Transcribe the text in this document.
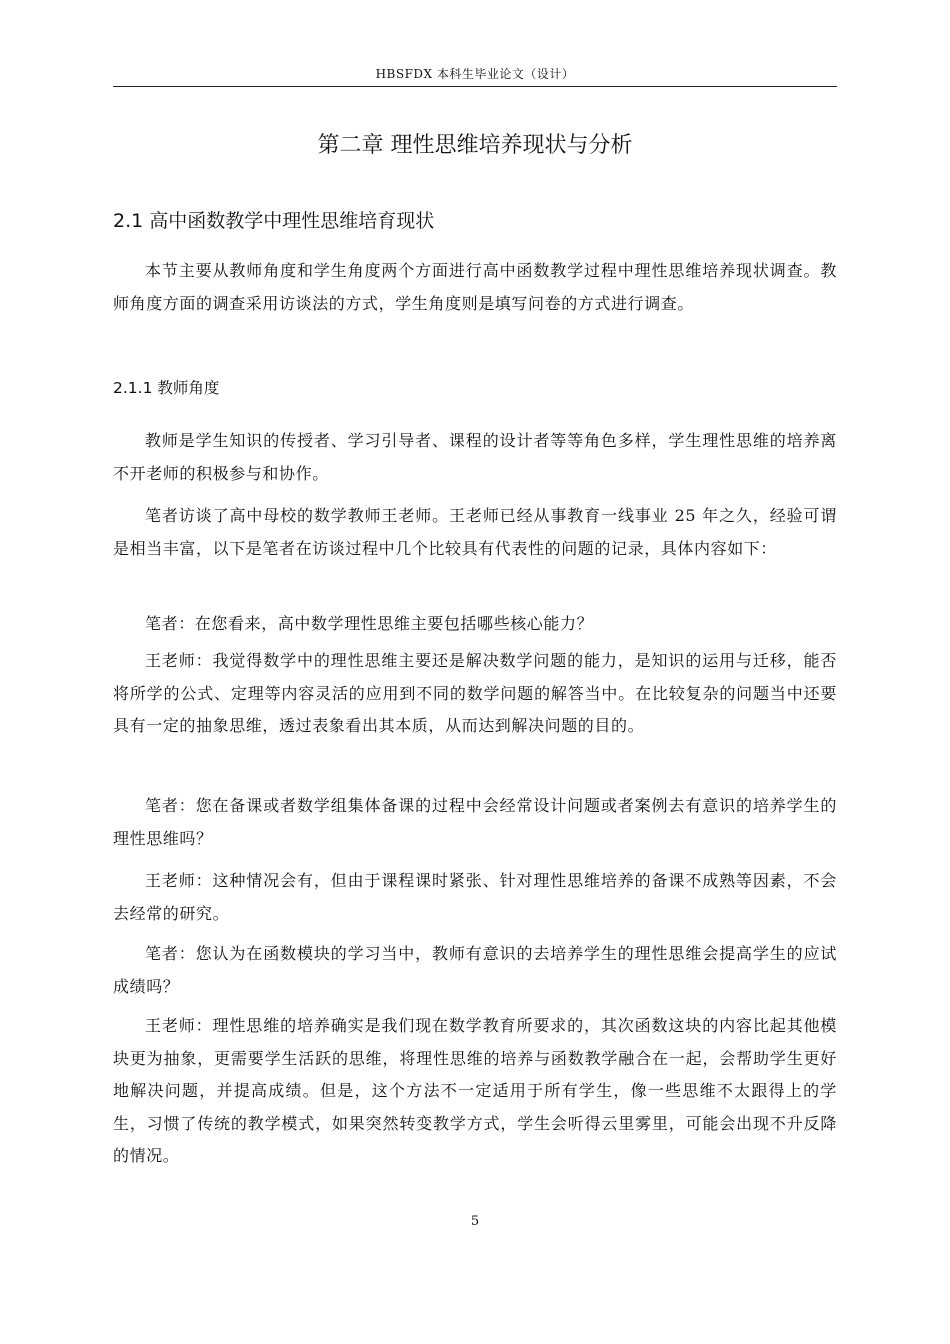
HBSFDX 本科生毕业论文（设计）
第二章 理性思维培养现状与分析
2.1 高中函数教学中理性思维培育现状

本节主要从教师角度和学生角度两个方面进行高中函数教学过程中理性思维培养现状调查。教师角度方面的调查采用访谈法的方式，学生角度则是填写问卷的方式进行调查。

2.1.1 教师角度

教师是学生知识的传授者、学习引导者、课程的设计者等等角色多样，学生理性思维的培养离不开老师的积极参与和协作。

笔者访谈了高中母校的数学教师王老师。王老师已经从事教育一线事业 25 年之久，经验可谓是相当丰富，以下是笔者在访谈过程中几个比较具有代表性的问题的记录，具体内容如下：

笔者：在您看来，高中数学理性思维主要包括哪些核心能力？

王老师：我觉得数学中的理性思维主要还是解决数学问题的能力，是知识的运用与迁移，能否将所学的公式、定理等内容灵活的应用到不同的数学问题的解答当中。在比较复杂的问题当中还要具有一定的抽象思维，透过表象看出其本质，从而达到解决问题的目的。

笔者：您在备课或者数学组集体备课的过程中会经常设计问题或者案例去有意识的培养学生的理性思维吗？

王老师：这种情况会有，但由于课程课时紧张、针对理性思维培养的备课不成熟等因素，不会去经常的研究。

笔者：您认为在函数模块的学习当中，教师有意识的去培养学生的理性思维会提高学生的应试成绩吗？

王老师：理性思维的培养确实是我们现在数学教育所要求的，其次函数这块的内容比起其他模块更为抽象，更需要学生活跃的思维，将理性思维的培养与函数教学融合在一起，会帮助学生更好地解决问题，并提高成绩。但是，这个方法不一定适用于所有学生，像一些思维不太跟得上的学生，习惯了传统的教学模式，如果突然转变教学方式，学生会听得云里雾里，可能会出现不升反降的情况。

5
